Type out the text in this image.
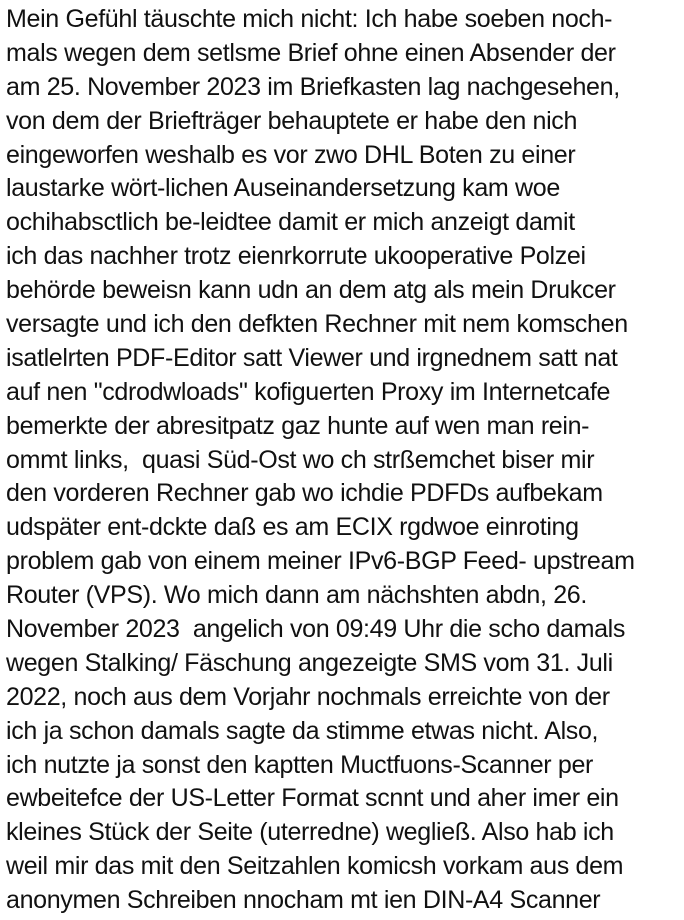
Mein Gefühl täuschte mich nicht: Ich habe soeben noch-
mals wegen dem setlsme Brief ohne einen Absender der
am 25. November 2023 im Briefkasten lag nachgesehen,
von dem der Briefträger behauptete er habe den nich
eingeworfen weshalb es vor zwo DHL Boten zu einer
laustarke wört-lichen Auseinandersetzung kam woe
ochihabsctlich be-leidtee damit er mich anzeigt damit
ich das nachher trotz eienrkorrute ukooperative Polzei
behörde beweisn kann udn an dem atg als mein Drukcer
versagte und ich den defkten Rechner mit nem komschen
isatlelrten PDF-Editor satt Viewer und irgnednem satt nat
auf nen "cdrodwloads" kofiguerten Proxy im Internetcafe
bemerkte der abresitpatz gaz hunte auf wen man rein-
ommt links,  quasi Süd-Ost wo ch strßemchet biser mir
den vorderen Rechner gab wo ichdie PDFDs aufbekam
udspäter ent-dckte daß es am ECIX rgdwoe einroting
problem gab von einem meiner IPv6-BGP Feed- upstream
Router (VPS). Wo mich dann am nächshten abdn, 26.
November 2023  angelich von 09:49 Uhr die scho damals
wegen Stalking/ Fäschung angezeigte SMS vom 31. Juli
2022, noch aus dem Vorjahr nochmals erreichte von der
ich ja schon damals sagte da stimme etwas nicht. Also,
ich nutzte ja sonst den kaptten Muctfuons-Scanner per
ewbeitefce der US-Letter Format scnnt und aher imer ein
kleines Stück der Seite (uterredne) wegließ. Also hab ich
weil mir das mit den Seitzahlen komicsh vorkam aus dem
anonymen Schreiben nnocham mt ien DIN-A4 Scanner
